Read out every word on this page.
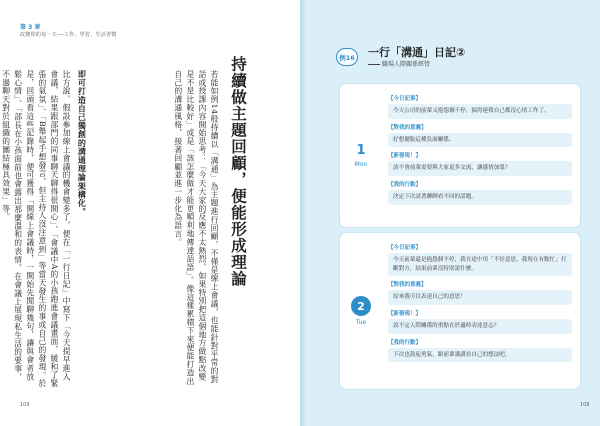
第 3 章
改變你的每一天──工作、學習、生活習慣
持續做主題回顧，便能形成理論
若能如例14般持續以「溝通」為主題進行回顧，不僅是線上會議，也能針對平常的對話或授課內容開始思考：「今天大家的反應不太熱烈，如果特別把這個地方做點改變是不是比較好」或是「該怎麼做才能更順利地傳達話語」。像這樣累積下來便能打造出自己的溝通風格，接著回顧並進一步化為語言。
即可打造自己獨創的溝通理論架構化。
比方說，假設參加線上會議的機會變多了，便在「一行日記」中寫下「今天提早進入會議，結果跟部門的同事聊天聊得很開心」、「會議中A的小孩跑進會議畫面，緩和了緊張的氣氛」、「B舉起手想發言，但主持人沒注意到」等當天發生的事或自己的發現。於是，回頭看這些記錄時，便可獲得「開線上會議時，一開始先閒聊幾句，讓與會者放鬆心情」、「部長在小孩面前也會露出那麼溫和的表情。在會議上展現私生活的要事，不過聊天對於組織的團結極具效果」等。
109
例16 一行「溝通」日記②
職場人際關係經營
1
Mon
【今日記事】
今天公司的前輩又抱怨個不停，搞得連我自己都沒心情工作了。
【對我的意義】
好想擺脫這種負面關係。
【新發現！】
該不會前輩需要與大家更多交流，讓感情加溫？
【我的行動】
決定下次試著聊聊看不同的話題。
2
Tue
【今日記事】
今天前輩還是抱怨個不停，我在途中用「不好意思，我現在有點忙」打斷對方，結果前輩沒特別說什麼。
【對我的意義】
原來我可以表達自己的意思！
【新發現！】
說不定人際關係的重點在於適時表達意志？
【我的行動】
下次也鼓起勇氣，跟前輩講講看自己的想法吧。
108
